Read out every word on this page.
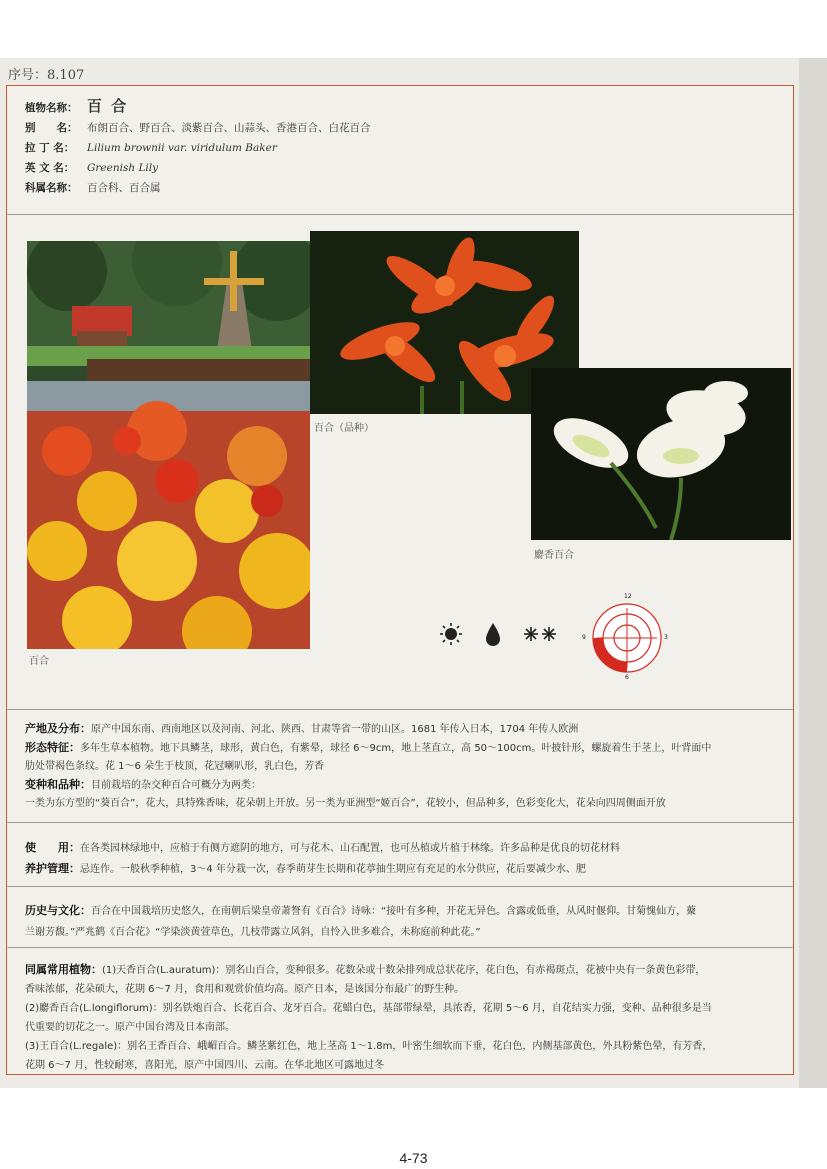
序号：8.107
植物名称： 百 合
别　　名： 布朗百合、野百合、淡紫百合、山蒜头、香港百合、白花百合
拉 丁 名： Lilium brownii var. viridulum Baker
英 文 名： Greenish Lily
科属名称： 百合科、百合属
百合
百合（品种）
麝香百合
12
3
6
9
产地及分布：原产中国东南、西南地区以及河南、河北、陕西、甘肃等省一带的山区。1681 年传入日本，1704 年传人欧洲
形态特征：多年生草本植物。地下具鳞茎，球形，黄白色，有紫晕，球径 6～9cm，地上茎直立，高 50～100cm。叶披针形，螺旋着生于茎上，叶背面中
肋处带褐色条纹。花 1～6 朵生于枝顶，花冠喇叭形，乳白色，芳香
变种和品种：目前栽培的杂交种百合可概分为两类：
一类为东方型的“葵百合”，花大，具特殊香味，花朵朝上开放。另一类为亚洲型“姬百合”，花较小，但品种多，色彩变化大，花朵向四周侧面开放
使　　用：在各类园林绿地中，应植于有侧方遮阴的地方，可与花木、山石配置，也可丛植或片植于林缘。许多品种是优良的切花材料
养护管理：忌连作。一般秋季种植，3～4 年分栽一次，春季萌芽生长期和花葶抽生期应有充足的水分供应，花后要减少水、肥
历史与文化：百合在中国栽培历史悠久，在南朝后梁皇帝萧詧有《百合》诗咏：“接叶有多种，开花无异色。含露或低垂，从风时偃仰。甘菊愧仙方，藂
兰谢芳馥。”严兆鹤《百合花》“学染淡黄萱草色，几枝带露立风斜，自怜入世多难合，未称庭前种此花。”
同属常用植物：(1)天香百合(L.auratum)：别名山百合，变种很多。花数朵或十数朵排列成总状花序，花白色，有赤褐斑点，花被中央有一条黄色彩带，
香味浓郁，花朵硕大，花期 6～7 月，食用和观赏价值均高。原产日本，是该国分布最广的野生种。
(2)麝香百合(L.longiflorum)：别名铁炮百合、长花百合、龙牙百合。花蜡白色，基部带绿晕，具浓香，花期 5～6 月，自花结实力强，变种、品种很多是当
代重要的切花之一。原产中国台湾及日本南部。
(3)王百合(L.regale)：别名王香百合、峨嵋百合。鳞茎紫红色，地上茎高 1～1.8m，叶密生细软而下垂，花白色，内侧基部黄色，外具粉紫色晕，有芳香，
花期 6～7 月，性较耐寒，喜阳光，原产中国四川、云南。在华北地区可露地过冬
4-73
